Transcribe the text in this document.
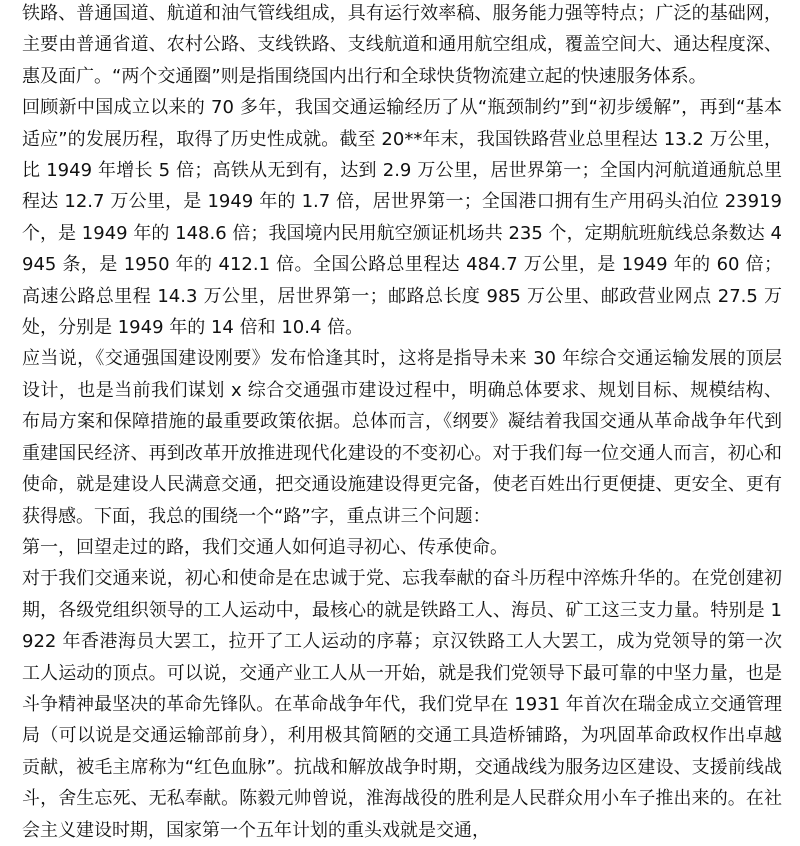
铁路、普通国道、航道和油气管线组成，具有运行效率稿、服务能力强等特点；广泛的基础网，主要由普通省道、农村公路、支线铁路、支线航道和通用航空组成，覆盖空间大、通达程度深、惠及面广。“两个交通圈”则是指围绕国内出行和全球快货物流建立起的快速服务体系。

回顾新中国成立以来的 70 多年，我国交通运输经历了从“瓶颈制约”到“初步缓解”，再到“基本适应”的发展历程，取得了历史性成就。截至 20**年末，我国铁路营业总里程达 13.2 万公里，比 1949 年增长 5 倍；高铁从无到有，达到 2.9 万公里，居世界第一；全国内河航道通航总里程达 12.7 万公里，是 1949 年的 1.7 倍，居世界第一；全国港口拥有生产用码头泊位 23919 个，是 1949 年的 148.6 倍；我国境内民用航空颁证机场共 235 个，定期航班航线总条数达 4945 条，是 1950 年的 412.1 倍。全国公路总里程达 484.7 万公里，是 1949 年的 60 倍；高速公路总里程 14.3 万公里，居世界第一；邮路总长度 985 万公里、邮政营业网点 27.5 万处，分别是 1949 年的 14 倍和 10.4 倍。

应当说，《交通强国建设刚要》发布恰逢其时，这将是指导未来 30 年综合交通运输发展的顶层设计，也是当前我们谋划 x 综合交通强市建设过程中，明确总体要求、规划目标、规模结构、布局方案和保障措施的最重要政策依据。总体而言，《纲要》凝结着我国交通从革命战争年代到重建国民经济、再到改革开放推进现代化建设的不变初心。对于我们每一位交通人而言，初心和使命，就是建设人民满意交通，把交通设施建设得更完备，使老百姓出行更便捷、更安全、更有获得感。下面，我总的围绕一个“路”字，重点讲三个问题：

第一，回望走过的路，我们交通人如何追寻初心、传承使命。

对于我们交通来说，初心和使命是在忠诚于党、忘我奉献的奋斗历程中淬炼升华的。在党创建初期，各级党组织领导的工人运动中，最核心的就是铁路工人、海员、矿工这三支力量。特别是 1922 年香港海员大罢工，拉开了工人运动的序幕；京汉铁路工人大罢工，成为党领导的第一次工人运动的顶点。可以说，交通产业工人从一开始，就是我们党领导下最可靠的中坚力量，也是斗争精神最坚决的革命先锋队。在革命战争年代，我们党早在 1931 年首次在瑞金成立交通管理局（可以说是交通运输部前身），利用极其简陋的交通工具造桥铺路，为巩固革命政权作出卓越贡献，被毛主席称为“红色血脉”。抗战和解放战争时期，交通战线为服务边区建设、支援前线战斗，舍生忘死、无私奉献。陈毅元帅曾说，淮海战役的胜利是人民群众用小车子推出来的。在社会主义建设时期，国家第一个五年计划的重头戏就是交通，
